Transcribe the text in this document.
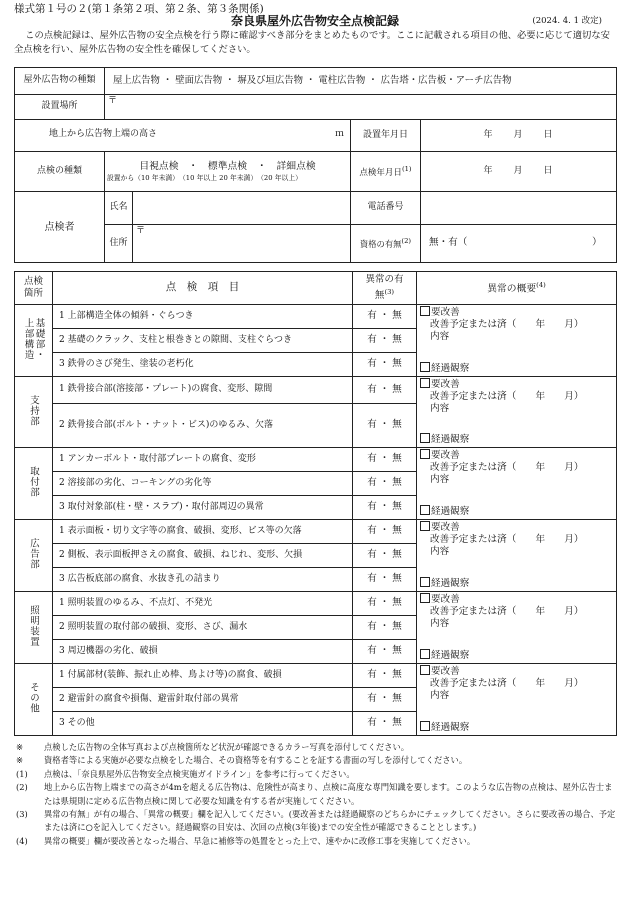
様式第１号の２(第１条第２項、第２条、第３条関係)
奈良県屋外広告物安全点検記録	(2024. 4. 1 改定)
この点検記録は、屋外広告物の安全点検を行う際に確認すべき部分をまとめたものです。ここに記載される項目の他、必要に応じて適切な安全点検を行い、屋外広告物の安全性を確保してください。
屋外広告物の種類	屋上広告物 ・ 壁面広告物 ・ 塀及び垣広告物 ・ 電柱広告物 ・ 広告塔・広告板・アーチ広告物			
設置場所	〒			

地上から広告物上端の高さ ｍ			設置年月日	年　　月　　日
点検の種類	目視点検　・　標準点検　・　詳細点検
設置から（10 年未満）　（10 年以上 20 年未満）　（20 年以上）		点検年月日$^{(1)}$	年　　月　　日
点検者	氏名		電話番号	
	住所	〒	資格の有無$^{(2)}$	無・有（　　　　　　　　　　　　　）
点検箇所	点　検　項　目	異常の有無$^{(3)}$	異常の概要$^{(4)}$
上部構造基礎部・	1 上部構造全体の傾斜・ぐらつき	有 ・ 無	要改善
改善予定または済（　　年　　月）
内容
経過観察

	2 基礎のクラック、支柱と根巻きとの隙間、支柱ぐらつき	有 ・ 無	
	3 鉄骨のさび発生、塗装の老朽化	有 ・ 無	
支持部	1 鉄骨接合部(溶接部・プレート)の腐食、変形、隙間	有 ・ 無	要改善
改善予定または済（　　年　　月）
内容
経過観察

	2 鉄骨接合部(ボルト・ナット・ビス)のゆるみ、欠落	有 ・ 無	
取付部	1 アンカーボルト・取付部プレートの腐食、変形	有 ・ 無	要改善
改善予定または済（　　年　　月）
内容
経過観察

	2 溶接部の劣化、コーキングの劣化等	有 ・ 無	
	3 取付対象部(柱・壁・スラブ)・取付部周辺の異常	有 ・ 無	
広告部	1 表示面板・切り文字等の腐食、破損、変形、ビス等の欠落	有 ・ 無	要改善
改善予定または済（　　年　　月）
内容
経過観察

	2 側板、表示面板押さえの腐食、破損、ねじれ、変形、欠損	有 ・ 無	
	3 広告板底部の腐食、水抜き孔の詰まり	有 ・ 無	
照明装置	1 照明装置のゆるみ、不点灯、不発光	有 ・ 無	要改善
改善予定または済（　　年　　月）
内容
経過観察

	2 照明装置の取付部の破損、変形、さび、漏水	有 ・ 無	
	3 周辺機器の劣化、破損	有 ・ 無	
その他	1 付属部材(装飾、振れ止め棒、鳥よけ等)の腐食、破損	有 ・ 無	要改善
改善予定または済（　　年　　月）
内容
経過観察

	2 避雷針の腐食や損傷、避雷針取付部の異常	有 ・ 無	
	3 その他	有 ・ 無	
※	点検した広告物の全体写真および点検箇所など状況が確認できるカラー写真を添付してください。
※	資格者等による実施が必要な点検をした場合、その資格等を有することを証する書面の写しを添付してください。
(1) 点検は、「奈良県屋外広告物安全点検実施ガイドライン」を参考に行ってください。
(2) 地上から広告物上端までの高さが4mを超える広告物は、危険性が高まり、点検に高度な専門知識を要します。このような広告物の点検は、屋外広告士または県規則に定める広告物点検に関して必要な知識を有する者が実施してください。
(3) 異常の有無」が有の場合、「異常の概要」欄を記入してください。(要改善または経過観察のどちらかにチェックしてください。さらに要改善の場合、予定または済に○を記入してください。経過観察の目安は、次回の点検(3年後)までの安全性が確認できることとします。)
(4) 異常の概要」欄が要改善となった場合、早急に補修等の処置をとった上で、速やかに改修工事を実施してください。
